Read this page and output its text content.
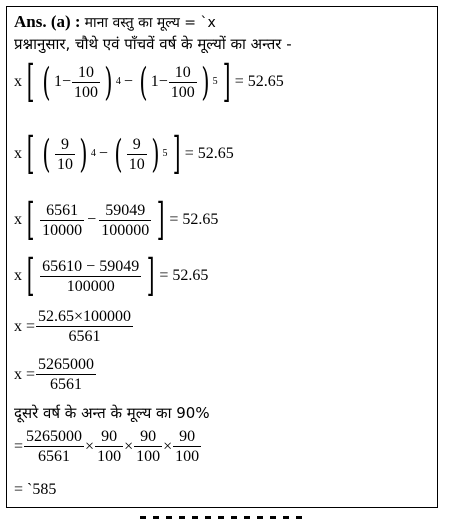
Ans. (a) : माना वस्तु का मूल्य = `x
प्रश्नानुसार, चौथे एवं पाँचवें वर्ष के मूल्यों का अन्तर -
x [ ( $1- \frac{10}{100}$ ) 4 − ( $1- \frac{10}{100}$ ) 5 ] = 52.65
x [ ( $\frac{9}{10}$ ) 4 − ( $\frac{9}{10}$ ) 5 ] = 52.65
x [ $\frac{6561}{10000} - \frac{59049}{100000}$ ] = 52.65
x [ $\frac{65610 - 59049}{100000}$ ] = 52.65
$x = \frac{52.65\times 100000}{6561}$
$x = \frac{5265000}{6561}$
दूसरे वर्ष के अन्त के मूल्य का 90%
= $\frac{5265000}{6561} \times \frac{90}{100} \times \frac{90}{100} \times \frac{90}{100}$
= `585
